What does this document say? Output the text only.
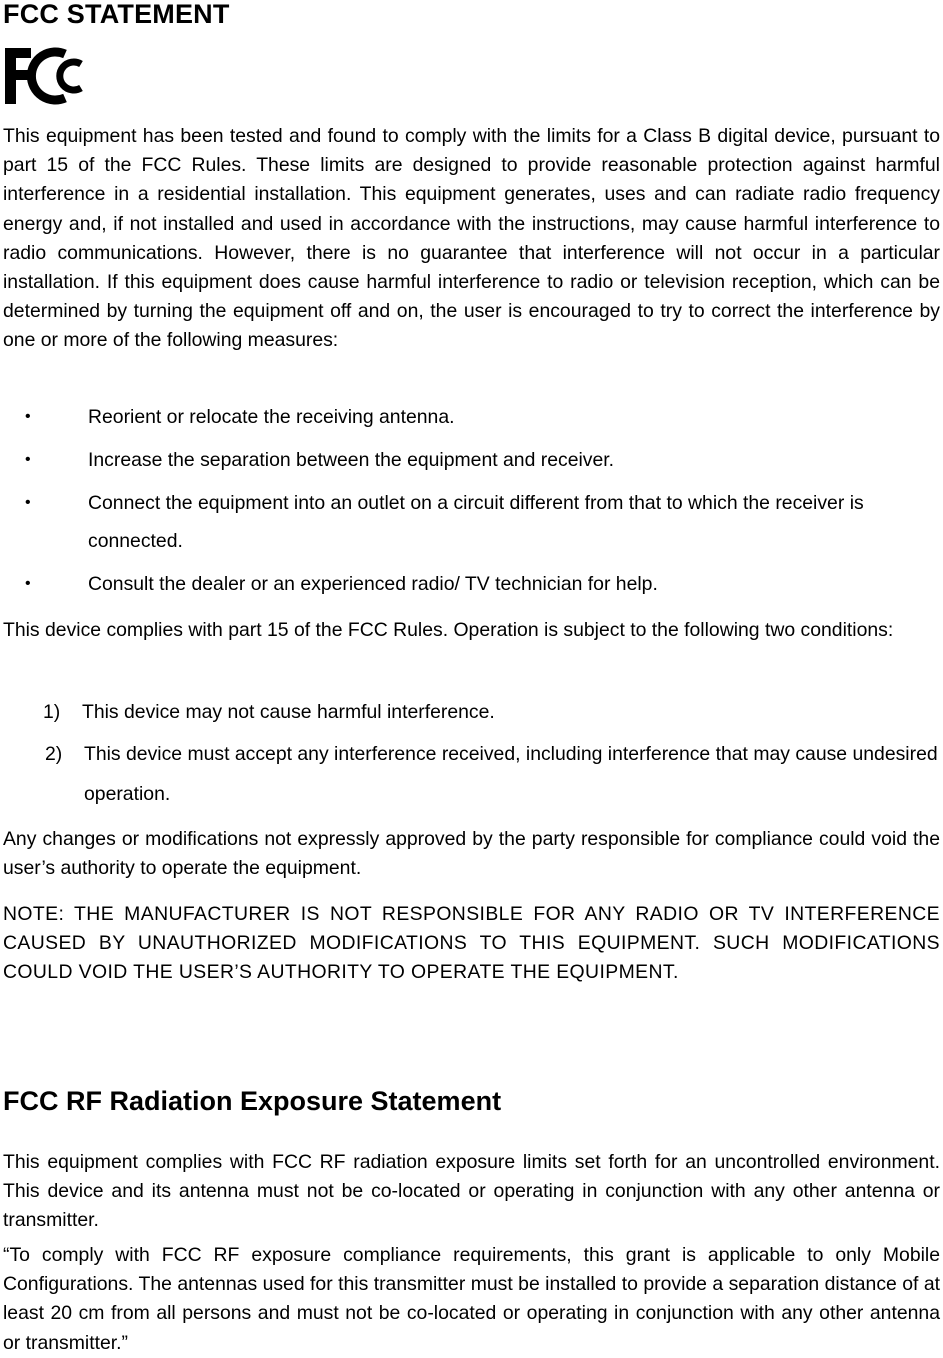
FCC STATEMENT

This equipment has been tested and found to comply with the limits for a Class B digital device, pursuant to part 15 of the FCC Rules. These limits are designed to provide reasonable protection against harmful interference in a residential installation. This equipment generates, uses and can radiate radio frequency energy and, if not installed and used in accordance with the instructions, may cause harmful interference to radio communications. However, there is no guarantee that interference will not occur in a particular installation. If this equipment does cause harmful interference to radio or television reception, which can be determined by turning the equipment off and on, the user is encouraged to try to correct the interference by one or more of the following measures:

•	Reorient or relocate the receiving antenna.
•	Increase the separation between the equipment and receiver.
•	Connect the equipment into an outlet on a circuit different from that to which the receiver is connected.
•	Consult the dealer or an experienced radio/ TV technician for help.

This device complies with part 15 of the FCC Rules. Operation is subject to the following two conditions:

1) This device may not cause harmful interference.
2) This device must accept any interference received, including interference that may cause undesired operation.

Any changes or modifications not expressly approved by the party responsible for compliance could void the user’s authority to operate the equipment.

NOTE: THE MANUFACTURER IS NOT RESPONSIBLE FOR ANY RADIO OR TV INTERFERENCE CAUSED BY UNAUTHORIZED MODIFICATIONS TO THIS EQUIPMENT. SUCH MODIFICATIONS COULD VOID THE USER’S AUTHORITY TO OPERATE THE EQUIPMENT.

FCC RF Radiation Exposure Statement

This equipment complies with FCC RF radiation exposure limits set forth for an uncontrolled environment. This device and its antenna must not be co-located or operating in conjunction with any other antenna or transmitter.

“To comply with FCC RF exposure compliance requirements, this grant is applicable to only Mobile Configurations. The antennas used for this transmitter must be installed to provide a separation distance of at least 20 cm from all persons and must not be co-located or operating in conjunction with any other antenna or transmitter.”
